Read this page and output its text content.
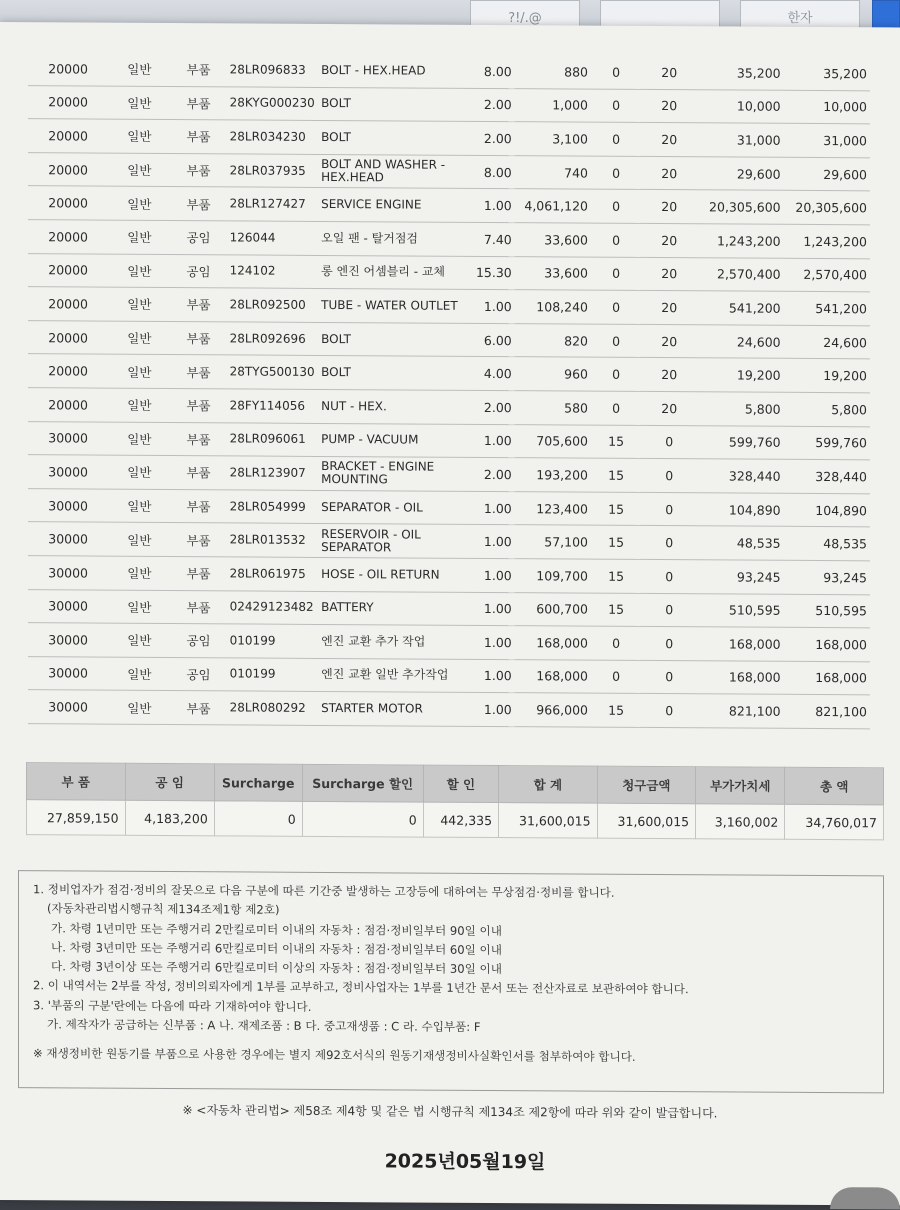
?!/.@	한자
20000	일반	부품	28LR096833	BOLT - HEX.HEAD	8.00	880	0	20	35,200	35,200
20000	일반	부품	28KYG000230	BOLT	2.00	1,000	0	20	10,000	10,000
20000	일반	부품	28LR034230	BOLT	2.00	3,100	0	20	31,000	31,000
20000	일반	부품	28LR037935	BOLT AND WASHER - HEX.HEAD	8.00	740	0	20	29,600	29,600
20000	일반	부품	28LR127427	SERVICE ENGINE	1.00	4,061,120	0	20	20,305,600	20,305,600
20000	일반	공임	126044	오일 팬 - 탈거점검	7.40	33,600	0	20	1,243,200	1,243,200
20000	일반	공임	124102	롱 엔진 어셈블리 - 교체	15.30	33,600	0	20	2,570,400	2,570,400
20000	일반	부품	28LR092500	TUBE - WATER OUTLET	1.00	108,240	0	20	541,200	541,200
20000	일반	부품	28LR092696	BOLT	6.00	820	0	20	24,600	24,600
20000	일반	부품	28TYG500130	BOLT	4.00	960	0	20	19,200	19,200
20000	일반	부품	28FY114056	NUT - HEX.	2.00	580	0	20	5,800	5,800
30000	일반	부품	28LR096061	PUMP - VACUUM	1.00	705,600	15	0	599,760	599,760
30000	일반	부품	28LR123907	BRACKET - ENGINE MOUNTING	2.00	193,200	15	0	328,440	328,440
30000	일반	부품	28LR054999	SEPARATOR - OIL	1.00	123,400	15	0	104,890	104,890
30000	일반	부품	28LR013532	RESERVOIR - OIL SEPARATOR	1.00	57,100	15	0	48,535	48,535
30000	일반	부품	28LR061975	HOSE - OIL RETURN	1.00	109,700	15	0	93,245	93,245
30000	일반	부품	02429123482	BATTERY	1.00	600,700	15	0	510,595	510,595
30000	일반	공임	010199	엔진 교환 추가 작업	1.00	168,000	0	0	168,000	168,000
30000	일반	공임	010199	엔진 교환 일반 추가작업	1.00	168,000	0	0	168,000	168,000
30000	일반	부품	28LR080292	STARTER MOTOR	1.00	966,000	15	0	821,100	821,100
부 품	공 임	Surcharge	Surcharge 할인	할 인	합 계	청구금액	부가가치세	총 액
27,859,150	4,183,200	0	0	442,335	31,600,015	31,600,015	3,160,002	34,760,017
1. 정비업자가 점검·정비의 잘못으로 다음 구분에 따른 기간중 발생하는 고장등에 대하여는 무상점검·정비를 합니다.
(자동차관리법시행규칙 제134조제1항 제2호)
가. 차령 1년미만 또는 주행거리 2만킬로미터 이내의 자동차 : 점검·정비일부터 90일 이내
나. 차령 3년미만 또는 주행거리 6만킬로미터 이내의 자동차 : 점검·정비일부터 60일 이내
다. 차령 3년이상 또는 주행거리 6만킬로미터 이상의 자동차 : 점검·정비일부터 30일 이내
2. 이 내역서는 2부를 작성, 정비의뢰자에게 1부를 교부하고, 정비사업자는 1부를 1년간 문서 또는 전산자료로 보관하여야 합니다.
3. '부품의 구분'란에는 다음에 따라 기재하여야 합니다.
가. 제작자가 공급하는 신부품 : A 나. 재제조품 : B 다. 중고재생품 : C 라. 수입부품: F
※ 재생정비한 원동기를 부품으로 사용한 경우에는 별지 제92호서식의 원동기재생정비사실확인서를 첨부하여야 합니다.
※ <자동차 관리법> 제58조 제4항 및 같은 법 시행규칙 제134조 제2항에 따라 위와 같이 발급합니다.
2025년05월19일
